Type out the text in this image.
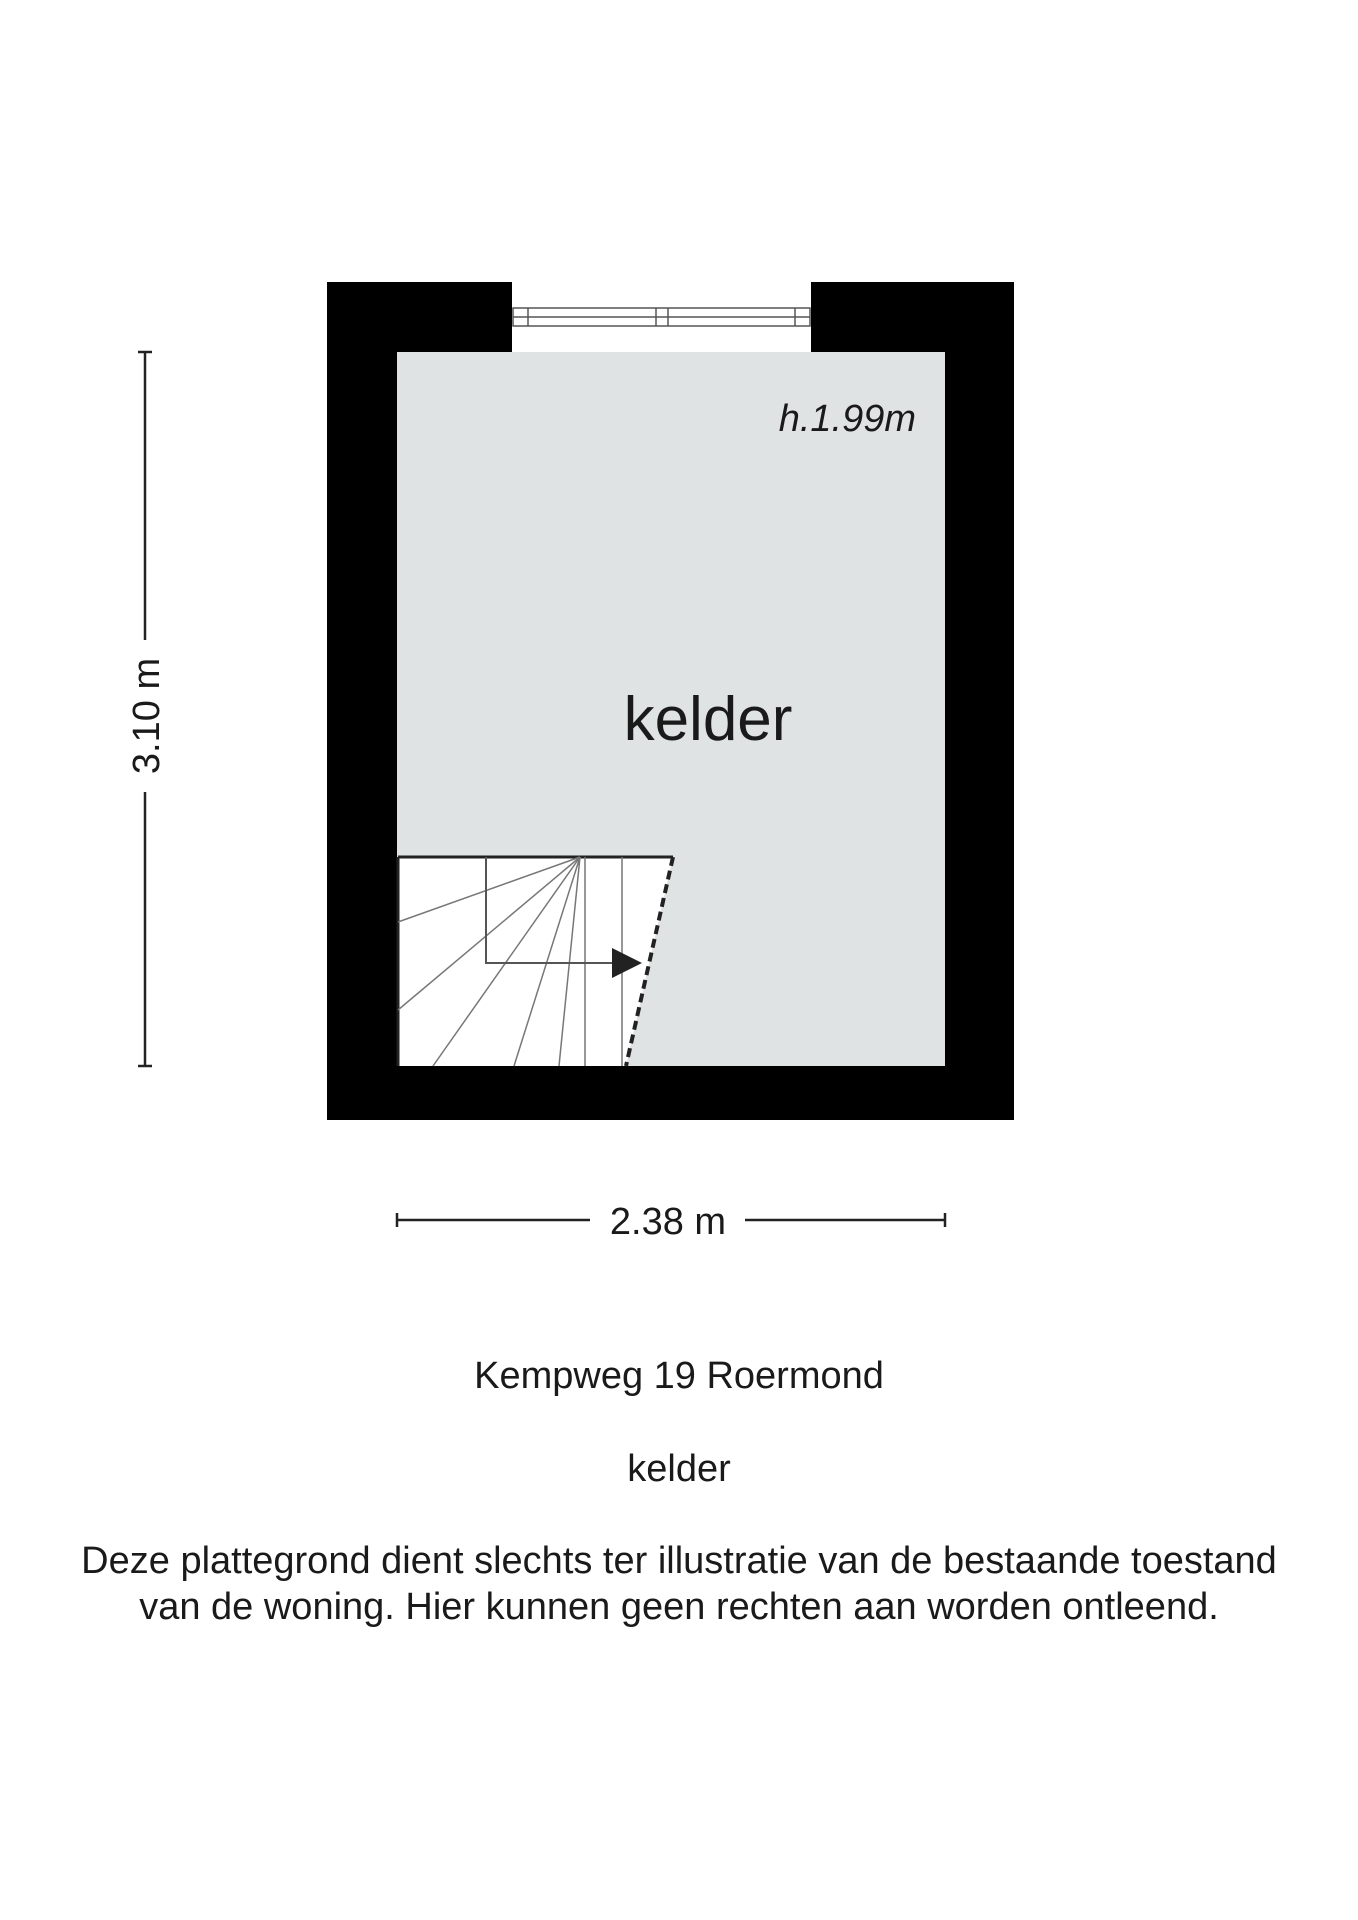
h.1.99m
kelder
3.10 m
2.38 m
Kempweg 19 Roermond
kelder
Deze plattegrond dient slechts ter illustratie van de bestaande toestand
van de woning. Hier kunnen geen rechten aan worden ontleend.
